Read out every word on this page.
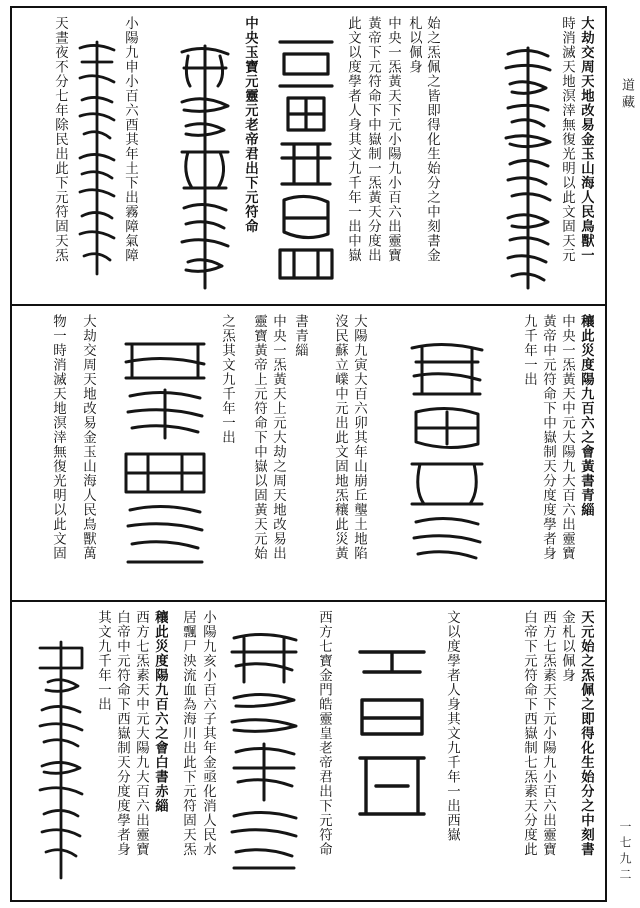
道藏
一七九二
大劫交周天地改易金玉山海人民鳥獸一
時消滅天地溟涬無復光明以此文固天元
始之炁佩之皆即得化生始分之中刻書金
札以佩身
中央一炁黃天下元小陽九小百六出靈寶
黃帝下元符命下中嶽制一炁黃天分度出
此文以度學者人身其文九千年一出中嶽
中央玉寶元靈元老帝君出下元符命
小陽九申小百六酉其年土下出霧障氣障
天晝夜不分七年除民出此下元符固天炁
穰此災度陽九百六之會黃書青緇
中央一炁黃天中元大陽九大百六出靈寶
黃帝中元符命下中嶽制天分度度學者身
九千年一出
大陽九寅大百六卯其年山崩丘壟土地陷
沒民蘇立嶫中元出此文固地炁穰此災黃
書青緇
中央一炁黃天上元大劫之周天地改易出
靈寶黃帝上元符命下中嶽以固黃天元始
之炁其文九千年一出
大劫交周天地改易金玉山海人民鳥獸萬
物一時消滅天地溟涬無復光明以此文固
天元始之炁佩之即得化生始分之中刻書
金札以佩身
西方七炁素天下元小陽九小百六出靈寶
白帝下元符命下西嶽制七炁素天分度此
文以度學者人身其文九千年一出西嶽
西方七寶金門皓靈皇老帝君出下元符命
小陽九亥小百六子其年金亟化消人民水
居飄尸泱流血為海川出此下元符固天炁
穰此災度陽九百六之會白書赤緇
西方七炁素天中元大陽九大百六出靈寶
白帝中元符命下西嶽制天分度度學者身
其文九千年一出
